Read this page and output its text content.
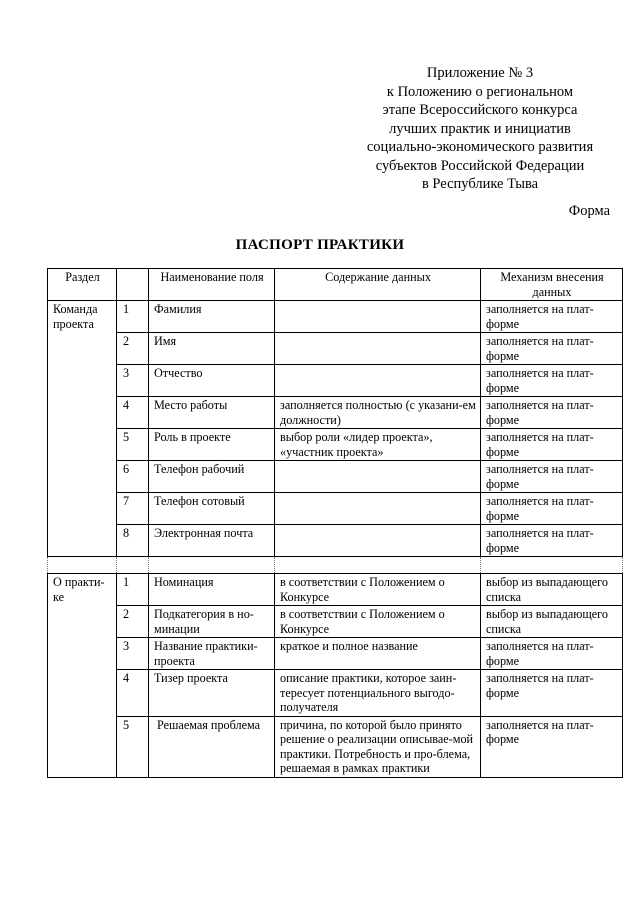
Приложение № 3
к Положению о региональном
этапе Всероссийского конкурса
лучших практик и инициатив
социально-экономического развития
субъектов Российской Федерации
в Республике Тыва
Форма
ПАСПОРТ ПРАКТИКИ
Раздел		Наименование поля	Содержание данных	Механизм внесения данных
Команда проекта	1	Фамилия		заполняется на плат-форме
	2	Имя		заполняется на плат-форме
	3	Отчество		заполняется на плат-форме
	4	Место работы	заполняется полностью (с указани-ем должности)	заполняется на плат-форме
	5	Роль в проекте	выбор роли «лидер проекта», «участник проекта»	заполняется на плат-форме
	6	Телефон рабочий		заполняется на плат-форме
	7	Телефон сотовый		заполняется на плат-форме
	8	Электронная почта		заполняется на плат-форме

О практи-ке	1	Номинация	в соответствии с Положением о Конкурсе	выбор из выпадающего списка
	2	Подкатегория в но-минации	в соответствии с Положением о Конкурсе	выбор из выпадающего списка
	3	Название практики-проекта	краткое и полное название	заполняется на плат-форме
	4	Тизер проекта	описание практики, которое заин-тересует потенциального выгодо-получателя	заполняется на плат-форме
	5	Решаемая проблема	причина, по которой было принято решение о реализации описывае-мой практики. Потребность и про-блема, решаемая в рамках практики	заполняется на плат-форме
